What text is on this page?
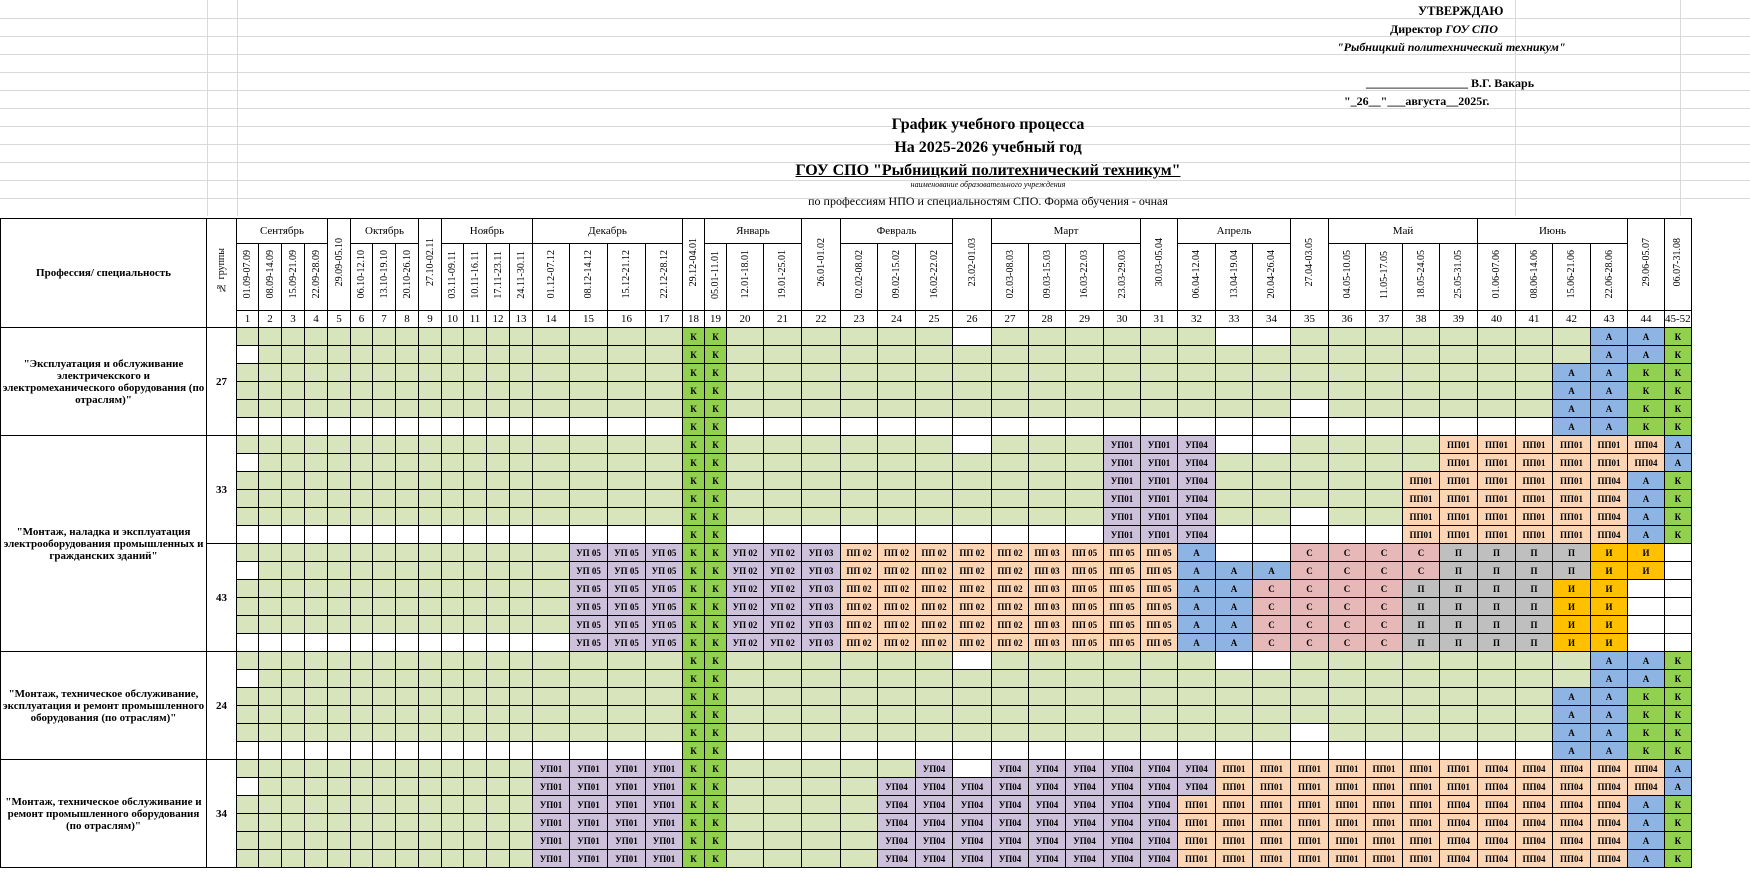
УТВЕРЖДАЮ
Директор ГОУ СПО
"Рыбницкий политехнический техникум"
_________________ В.Г. Вакарь
"_26__"___августа__2025г.
График учебного процесса
На 2025-2026 учебный год
ГОУ СПО "Рыбницкий политехнический техникум"
наименование образовательного учреждения
по профессиям НПО и специальностям СПО. Форма обучения - очная
Профессия/ специальность	№ группы	Сентябрь				29.09-05.10	Октябрь			27.10-02.11	Ноябрь				Декабрь				29.12-04.01	Январь			26.01-01.02	Февраль			23.02-01.03	Март				30.03-05.04	Апрель			27.04-03.05	Май				Июнь				29.06-05.07	06.07-31.08
		01.09-07.09	08.09-14.09	15.09-21.09	22.09-28.09		06.10-12.10	13.10-19.10	20.10-26.10		03.11-09.11	10.11-16.11	17.11-23.11	24.11-30.11	01.12-07.12	08.12-14.12	15.12-21.12	22.12-28.12		05.01-11.01	12.01-18.01	19.01-25.01		02.02-08.02	09.02-15.02	16.02-22.02		02.03-08.03	09.03-15.03	16.03-22.03	23.03-29.03		06.04-12.04	13.04-19.04	20.04-26.04		04.05-10.05	11.05-17.05	18.05-24.05	25.05-31.05	01.06-07.06	08.06-14.06	15.06-21.06	22.06-28.06		
		1	2	3	4	5	6	7	8	9	10	11	12	13	14	15	16	17	18	19	20	21	22	23	24	25	26	27	28	29	30	31	32	33	34	35	36	37	38	39	40	41	42	43	44	45-52
"Эксплуатация и обслуживание электричекского и электромеханического оборудования (по отраслям)"	27																		К	К																								А	А	К
																			К	К																								А	А	К
																			К	К																							А	А	К	К
																			К	К																							А	А	К	К
																			К	К																							А	А	К	К
																			К	К																							А	А	К	К
"Монтаж, наладка и эксплуатация электрооборудования промышленных и гражданских зданий"	33																		К	К											УП01	УП01	УП04							ПП01	ПП01	ПП01	ПП01	ПП01	ПП04	А
																			К	К											УП01	УП01	УП04							ПП01	ПП01	ПП01	ПП01	ПП01	ПП04	А
																			К	К											УП01	УП01	УП04						ПП01	ПП01	ПП01	ПП01	ПП01	ПП04	А	К
																			К	К											УП01	УП01	УП04						ПП01	ПП01	ПП01	ПП01	ПП01	ПП04	А	К
																			К	К											УП01	УП01	УП04						ПП01	ПП01	ПП01	ПП01	ПП01	ПП04	А	К
																			К	К											УП01	УП01	УП04						ПП01	ПП01	ПП01	ПП01	ПП01	ПП04	А	К
	43															УП 05	УП 05	УП 05	К	К	УП 02	УП 02	УП 03	ПП 02	ПП 02	ПП 02	ПП 02	ПП 02	ПП 03	ПП 05	ПП 05	ПП 05	А			С	С	С	С	П	П	П	П	И	И	
																УП 05	УП 05	УП 05	К	К	УП 02	УП 02	УП 03	ПП 02	ПП 02	ПП 02	ПП 02	ПП 02	ПП 03	ПП 05	ПП 05	ПП 05	А	А	А	С	С	С	С	П	П	П	П	И	И	
																УП 05	УП 05	УП 05	К	К	УП 02	УП 02	УП 03	ПП 02	ПП 02	ПП 02	ПП 02	ПП 02	ПП 03	ПП 05	ПП 05	ПП 05	А	А	С	С	С	С	П	П	П	П	И	И		
																УП 05	УП 05	УП 05	К	К	УП 02	УП 02	УП 03	ПП 02	ПП 02	ПП 02	ПП 02	ПП 02	ПП 03	ПП 05	ПП 05	ПП 05	А	А	С	С	С	С	П	П	П	П	И	И		
																УП 05	УП 05	УП 05	К	К	УП 02	УП 02	УП 03	ПП 02	ПП 02	ПП 02	ПП 02	ПП 02	ПП 03	ПП 05	ПП 05	ПП 05	А	А	С	С	С	С	П	П	П	П	И	И		
																УП 05	УП 05	УП 05	К	К	УП 02	УП 02	УП 03	ПП 02	ПП 02	ПП 02	ПП 02	ПП 02	ПП 03	ПП 05	ПП 05	ПП 05	А	А	С	С	С	С	П	П	П	П	И	И		
"Монтаж, техническое обслуживание, эксплуатация и ремонт промышленного оборудования (по отраслям)"	24																		К	К																								А	А	К
																			К	К																								А	А	К
																			К	К																							А	А	К	К
																			К	К																							А	А	К	К
																			К	К																							А	А	К	К
																			К	К																							А	А	К	К
"Монтаж, техническое обслуживание и ремонт промышленного оборудования (по отраслям)"	34														УП01	УП01	УП01	УП01	К	К						УП04		УП04	УП04	УП04	УП04	УП04	УП04	ПП01	ПП01	ПП01	ПП01	ПП01	ПП01	ПП01	ПП04	ПП04	ПП04	ПП04	ПП04	А
															УП01	УП01	УП01	УП01	К	К					УП04	УП04	УП04	УП04	УП04	УП04	УП04	УП04	УП04	ПП01	ПП01	ПП01	ПП01	ПП01	ПП01	ПП01	ПП04	ПП04	ПП04	ПП04	ПП04	А
															УП01	УП01	УП01	УП01	К	К					УП04	УП04	УП04	УП04	УП04	УП04	УП04	УП04	ПП01	ПП01	ПП01	ПП01	ПП01	ПП01	ПП01	ПП04	ПП04	ПП04	ПП04	ПП04	А	К
															УП01	УП01	УП01	УП01	К	К					УП04	УП04	УП04	УП04	УП04	УП04	УП04	УП04	ПП01	ПП01	ПП01	ПП01	ПП01	ПП01	ПП01	ПП04	ПП04	ПП04	ПП04	ПП04	А	К
															УП01	УП01	УП01	УП01	К	К					УП04	УП04	УП04	УП04	УП04	УП04	УП04	УП04	ПП01	ПП01	ПП01	ПП01	ПП01	ПП01	ПП01	ПП04	ПП04	ПП04	ПП04	ПП04	А	К
															УП01	УП01	УП01	УП01	К	К					УП04	УП04	УП04	УП04	УП04	УП04	УП04	УП04	ПП01	ПП01	ПП01	ПП01	ПП01	ПП01	ПП01	ПП04	ПП04	ПП04	ПП04	ПП04	А	К
